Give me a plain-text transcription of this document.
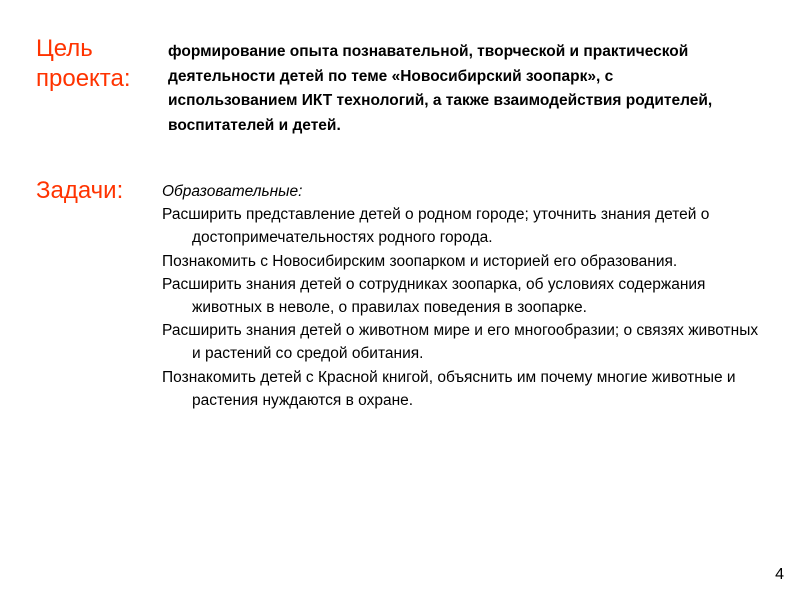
Цель проекта:
формирование опыта познавательной, творческой и практической деятельности детей по теме «Новосибирский зоопарк», с использованием ИКТ технологий, а также взаимодействия родителей, воспитателей и детей.
Задачи:	Образовательные:
Расширить представление детей о родном городе; уточнить знания детей о достопримечательностях родного города.
Познакомить с Новосибирским зоопарком и историей его образования.
Расширить знания детей о сотрудниках зоопарка, об условиях содержания животных в неволе, о правилах поведения в зоопарке.
Расширить знания детей о животном мире и его многообразии; о связях животных и растений со средой обитания.
Познакомить детей с Красной книгой, объяснить им почему многие животные и растения нуждаются в охране.
4
